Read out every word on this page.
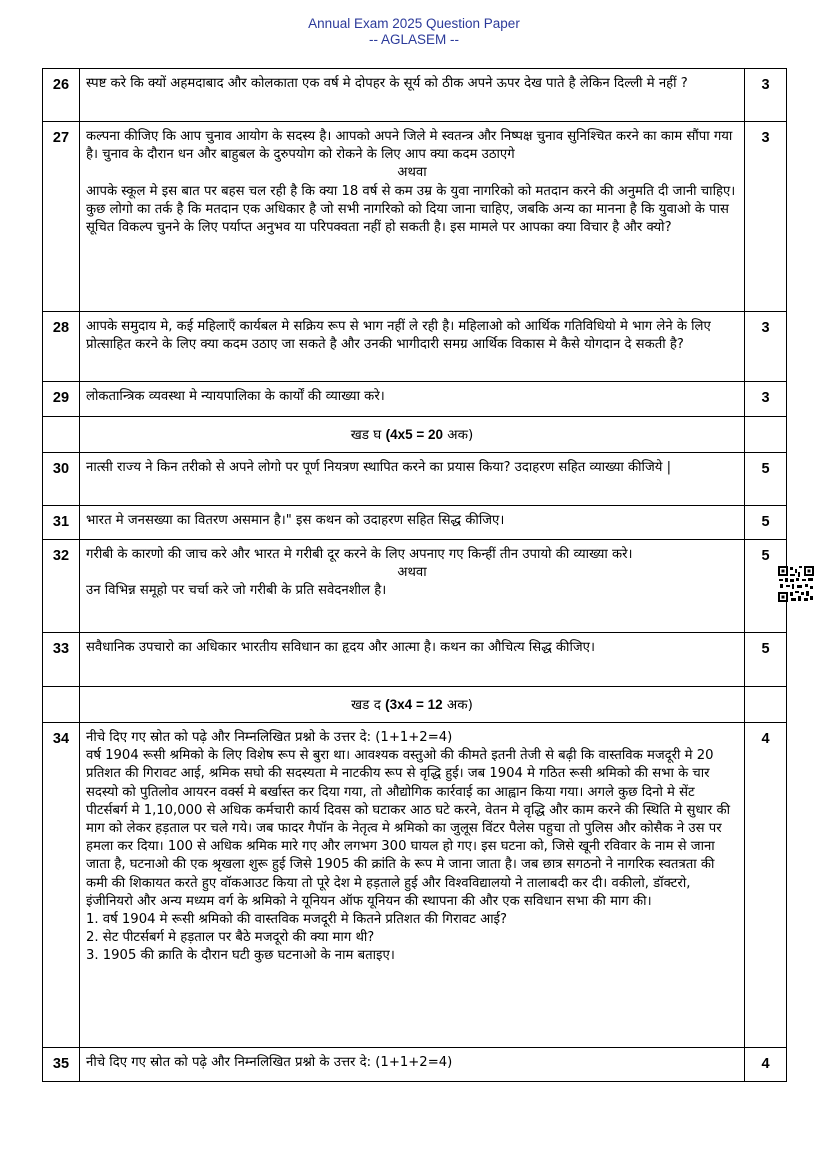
Annual Exam 2025 Question Paper
-- AGLASEM --
26	स्पष्ट करे कि क्यों अहमदाबाद और कोलकाता एक वर्ष मे दोपहर के सूर्य को ठीक अपने ऊपर देख पाते है लेकिन दिल्ली मे नहीं ?	3
27	कल्पना कीजिए कि आप चुनाव आयोग के सदस्य है। आपको अपने जिले मे स्वतन्त्र और निष्पक्ष चुनाव सुनिश्चित करने का काम सौंपा गया है। चुनाव के दौरान धन और बाहुबल के दुरुपयोग को रोकने के लिए आप क्या कदम उठाएगे
अथवा
आपके स्कूल मे इस बात पर बहस चल रही है कि क्या 18 वर्ष से कम उम्र के युवा नागरिको को मतदान करने की अनुमति दी जानी चाहिए। कुछ लोगो का तर्क है कि मतदान एक अधिकार है जो सभी नागरिको को दिया जाना चाहिए, जबकि अन्य का मानना है कि युवाओ के पास सूचित विकल्प चुनने के लिए पर्याप्त अनुभव या परिपक्वता नहीं हो सकती है। इस मामले पर आपका क्या विचार है और क्यो?	3
28	आपके समुदाय मे, कई महिलाएँ कार्यबल मे सक्रिय रूप से भाग नहीं ले रही है। महिलाओ को आर्थिक गतिविधियो मे भाग लेने के लिए प्रोत्साहित करने के लिए क्या कदम उठाए जा सकते है और उनकी भागीदारी समग्र आर्थिक विकास मे कैसे योगदान दे सकती है?	3
29	लोकतान्त्रिक व्यवस्था मे न्यायपालिका के कार्यों की व्याख्या करे।	3
	खड घ (4x5 = 20 अक)	
30	नात्सी राज्य ने किन तरीको से अपने लोगो पर पूर्ण नियत्रण स्थापित करने का प्रयास किया? उदाहरण सहित व्याख्या कीजिये |	5
31	भारत मे जनसख्या का वितरण असमान है।" इस कथन को उदाहरण सहित सिद्ध कीजिए।	5
32	गरीबी के कारणो की जाच करे और भारत मे गरीबी दूर करने के लिए अपनाए गए किन्हीं तीन उपायो की व्याख्या करे।
अथवा
उन विभिन्न समूहो पर चर्चा करे जो गरीबी के प्रति सवेदनशील है।	5
33	सवैधानिक उपचारो का अधिकार भारतीय सविधान का हृदय और आत्मा है। कथन का औचित्य सिद्ध कीजिए।	5
	खड द (3x4 = 12 अक)	
34	नीचे दिए गए स्रोत को पढ़े और निम्नलिखित प्रश्नो के उत्तर दे: (1+1+2=4)
वर्ष 1904 रूसी श्रमिको के लिए विशेष रूप से बुरा था। आवश्यक वस्तुओ की कीमते इतनी तेजी से बढ़ी कि वास्तविक मजदूरी मे 20 प्रतिशत की गिरावट आई, श्रमिक सघो की सदस्यता मे नाटकीय रूप से वृद्धि हुई। जब 1904 मे गठित रूसी श्रमिको की सभा के चार सदस्यो को पुतिलोव आयरन वर्क्स मे बर्खास्त कर दिया गया, तो औद्योगिक कार्रवाई का आह्वान किया गया। अगले कुछ दिनो मे सेंट पीटर्सबर्ग मे 1,10,000 से अधिक कर्मचारी कार्य दिवस को घटाकर आठ घटे करने, वेतन मे वृद्धि और काम करने की स्थिति मे सुधार की माग को लेकर हड़ताल पर चले गये। जब फादर गैपॉन के नेतृत्व मे श्रमिको का जुलूस विंटर पैलेस पहुचा तो पुलिस और कोसैक ने उस पर हमला कर दिया। 100 से अधिक श्रमिक मारे गए और लगभग 300 घायल हो गए। इस घटना को, जिसे खूनी रविवार के नाम से जाना जाता है, घटनाओ की एक श्रृखला शुरू हुई जिसे 1905 की क्रांति के रूप मे जाना जाता है। जब छात्र सगठनो ने नागरिक स्वतत्रता की कमी की शिकायत करते हुए वॉकआउट किया तो पूरे देश मे हड़ताले हुई और विश्वविद्यालयो ने तालाबदी कर दी। वकीलो, डॉक्टरो, इंजीनियरो और अन्य मध्यम वर्ग के श्रमिको ने यूनियन ऑफ यूनियन की स्थापना की और एक सविधान सभा की माग की।
1. वर्ष 1904 मे रूसी श्रमिको की वास्तविक मजदूरी मे कितने प्रतिशत की गिरावट आई?
2. सेट पीटर्सबर्ग मे हड़ताल पर बैठे मजदूरो की क्या माग थी?
3. 1905 की क्राति के दौरान घटी कुछ घटनाओ के नाम बताइए।	4
35	नीचे दिए गए स्रोत को पढ़े और निम्नलिखित प्रश्नो के उत्तर दे: (1+1+2=4)	4
